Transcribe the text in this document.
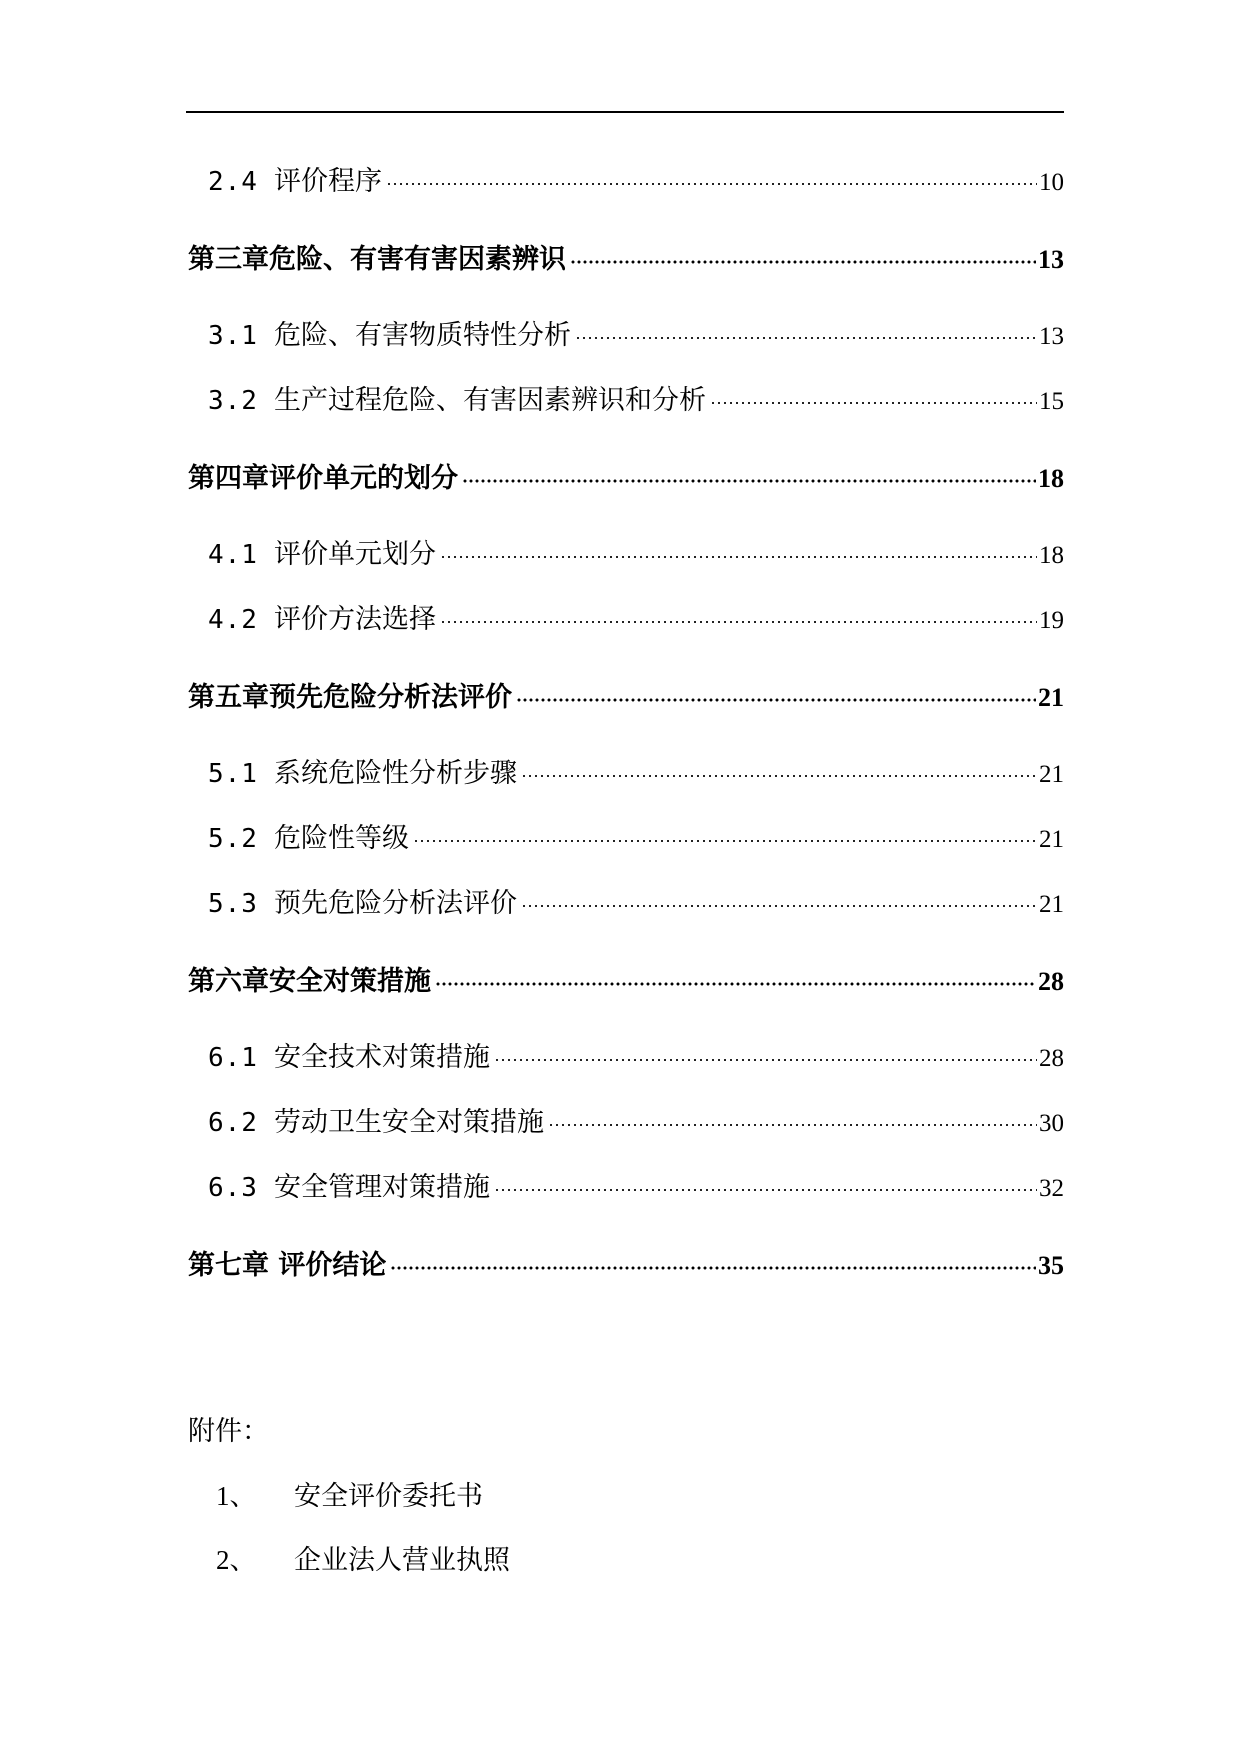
2.4 评价程序	10
第三章危险、有害有害因素辨识	13
3.1 危险、有害物质特性分析	13
3.2 生产过程危险、有害因素辨识和分析	15
第四章评价单元的划分	18
4.1 评价单元划分	18
4.2 评价方法选择	19
第五章预先危险分析法评价	21
5.1 系统危险性分析步骤	21
5.2 危险性等级	21
5.3 预先危险分析法评价	21
第六章安全对策措施	28
6.1 安全技术对策措施	28
6.2 劳动卫生安全对策措施	30
6.3 安全管理对策措施	32
第七章 评价结论	35
附件：
1、 安全评价委托书
2、 企业法人营业执照
